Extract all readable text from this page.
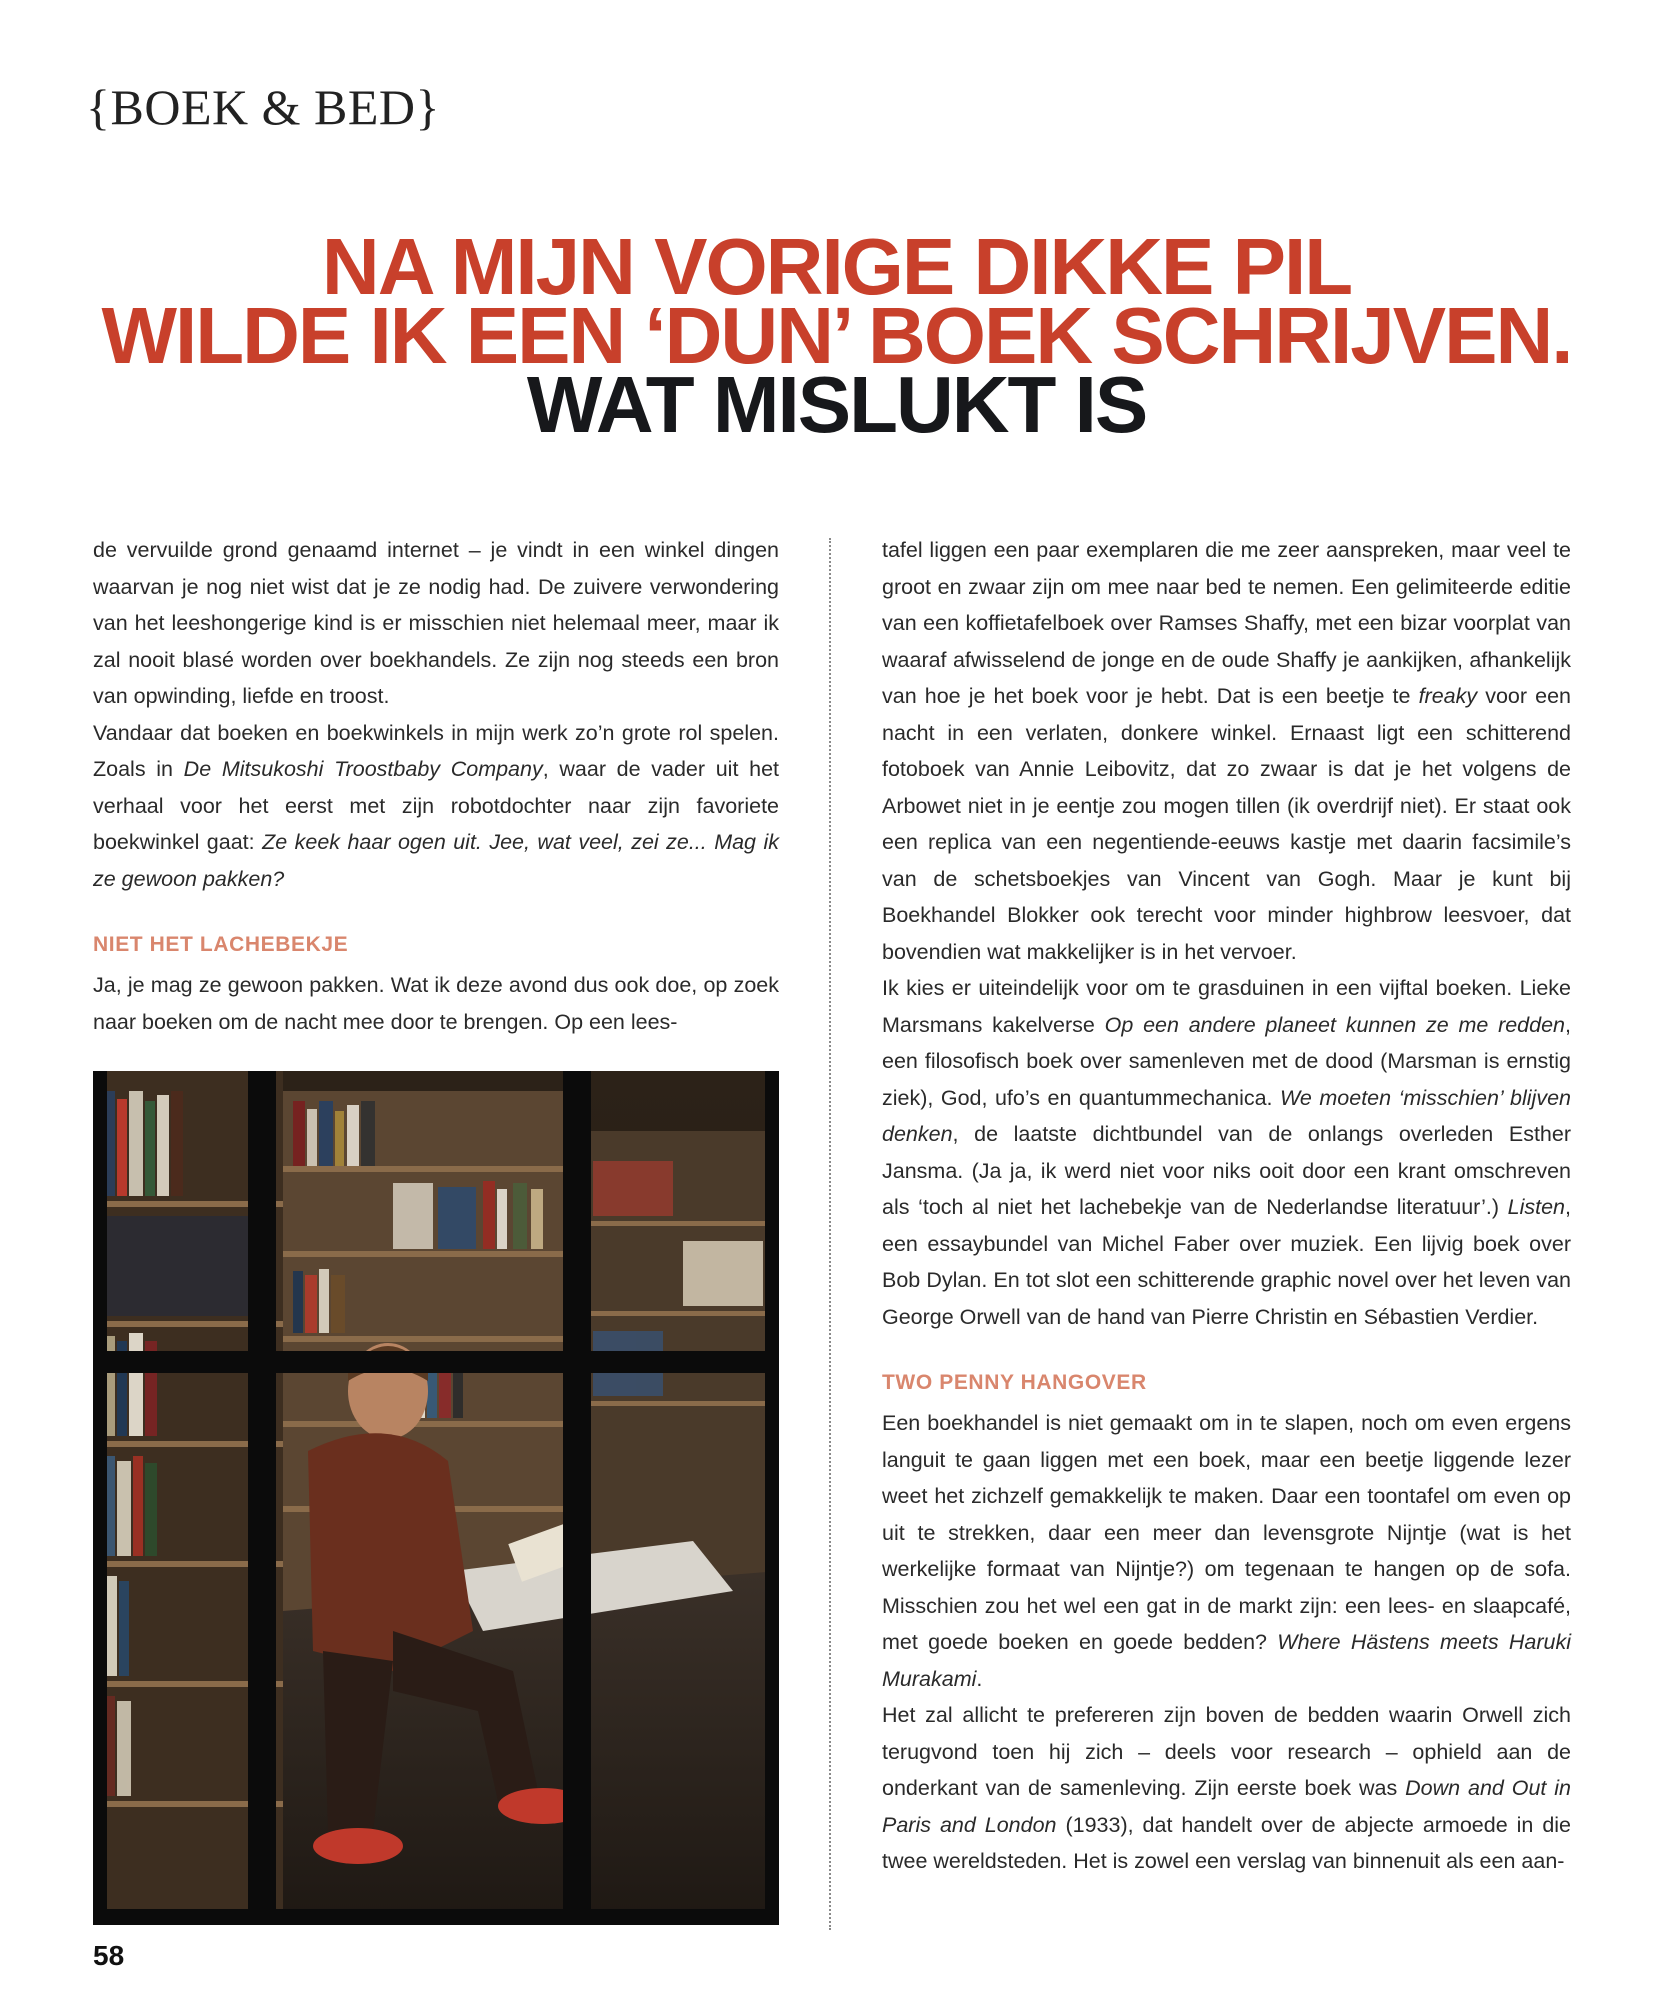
{BOEK & BED}
NA MIJN VORIGE DIKKE PIL
WILDE IK EEN ‘DUN’ BOEK SCHRIJVEN.
WAT MISLUKT IS

de vervuilde grond genaamd internet – je vindt in een winkel dingen waarvan je nog niet wist dat je ze nodig had. De zuivere verwondering van het leeshongerige kind is er misschien niet helemaal meer, maar ik zal nooit blasé worden over boekhandels. Ze zijn nog steeds een bron van opwinding, liefde en troost.

Vandaar dat boeken en boekwinkels in mijn werk zo’n grote rol spelen. Zoals in De Mitsukoshi Troostbaby Company, waar de vader uit het verhaal voor het eerst met zijn robotdochter naar zijn favoriete boekwinkel gaat: Ze keek haar ogen uit. Jee, wat veel, zei ze... Mag ik ze gewoon pakken?

NIET HET LACHEBEKJE

Ja, je mag ze gewoon pakken. Wat ik deze avond dus ook doe, op zoek naar boeken om de nacht mee door te brengen. Op een lees-

tafel liggen een paar exemplaren die me zeer aanspreken, maar veel te groot en zwaar zijn om mee naar bed te nemen. Een gelimiteerde editie van een koffietafelboek over Ramses Shaffy, met een bizar voorplat van waaraf afwisselend de jonge en de oude Shaffy je aankijken, afhankelijk van hoe je het boek voor je hebt. Dat is een beetje te freaky voor een nacht in een verlaten, donkere winkel. Ernaast ligt een schitterend fotoboek van Annie Leibovitz, dat zo zwaar is dat je het volgens de Arbowet niet in je eentje zou mogen tillen (ik overdrijf niet). Er staat ook een replica van een negentiende-eeuws kastje met daarin facsimile’s van de schetsboekjes van Vincent van Gogh. Maar je kunt bij Boekhandel Blokker ook terecht voor minder highbrow leesvoer, dat bovendien wat makkelijker is in het vervoer.

Ik kies er uiteindelijk voor om te grasduinen in een vijftal boeken. Lieke Marsmans kakelverse Op een andere planeet kunnen ze me redden, een filosofisch boek over samenleven met de dood (Marsman is ernstig ziek), God, ufo’s en quantummechanica. We moeten ‘misschien’ blijven denken, de laatste dichtbundel van de onlangs overleden Esther Jansma. (Ja ja, ik werd niet voor niks ooit door een krant omschreven als ‘toch al niet het lachebekje van de Nederlandse literatuur’.) Listen, een essaybundel van Michel Faber over muziek. Een lijvig boek over Bob Dylan. En tot slot een schitterende graphic novel over het leven van George Orwell van de hand van Pierre Christin en Sébastien Verdier.

TWO PENNY HANGOVER

Een boekhandel is niet gemaakt om in te slapen, noch om even ergens languit te gaan liggen met een boek, maar een beetje liggende lezer weet het zichzelf gemakkelijk te maken. Daar een toontafel om even op uit te strekken, daar een meer dan levensgrote Nijntje (wat is het werkelijke formaat van Nijntje?) om tegenaan te hangen op de sofa. Misschien zou het wel een gat in de markt zijn: een lees- en slaapcafé, met goede boeken en goede bedden? Where Hästens meets Haruki Murakami.

Het zal allicht te prefereren zijn boven de bedden waarin Orwell zich terugvond toen hij zich – deels voor research – ophield aan de onderkant van de samenleving. Zijn eerste boek was Down and Out in Paris and London (1933), dat handelt over de abjecte armoede in die twee wereldsteden. Het is zowel een verslag van binnenuit als een aan-

58
